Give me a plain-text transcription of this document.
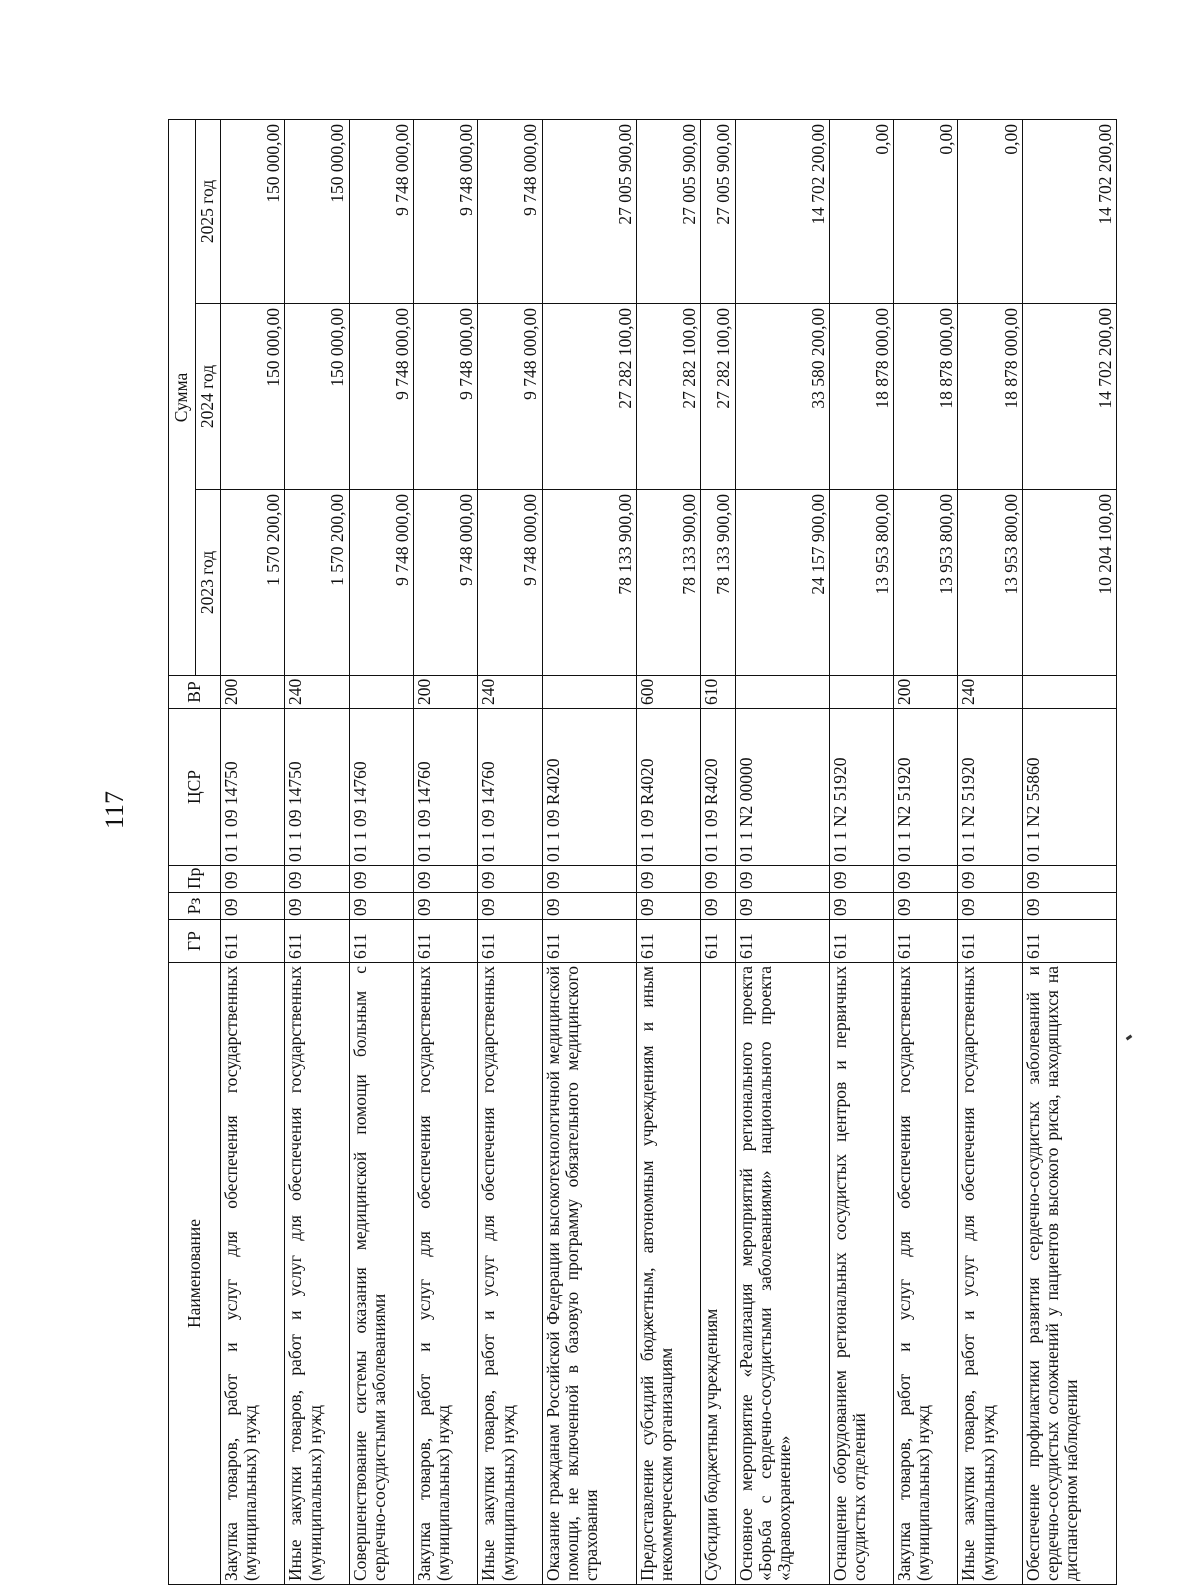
117
Наименование	ГР	Рз	Пр	ЦСР	ВР	Сумма		
						2023 год	2024 год	2025 год
Закупка товаров, работ и услуг для обеспечения государственных (муниципальных) нужд	611	09	09	01 1 09 14750	200	1 570 200,00	150 000,00	150 000,00
Иные закупки товаров, работ и услуг для обеспечения государственных (муниципальных) нужд	611	09	09	01 1 09 14750	240	1 570 200,00	150 000,00	150 000,00
Совершенствование системы оказания медицинской помощи больным с сердечно-сосудистыми заболеваниями	611	09	09	01 1 09 14760		9 748 000,00	9 748 000,00	9 748 000,00
Закупка товаров, работ и услуг для обеспечения государственных (муниципальных) нужд	611	09	09	01 1 09 14760	200	9 748 000,00	9 748 000,00	9 748 000,00
Иные закупки товаров, работ и услуг для обеспечения государственных (муниципальных) нужд	611	09	09	01 1 09 14760	240	9 748 000,00	9 748 000,00	9 748 000,00
Оказание гражданам Российской Федерации высокотехнологичной медицинской помощи, не включенной в базовую программу обязательного медицинского страхования	611	09	09	01 1 09 R4020		78 133 900,00	27 282 100,00	27 005 900,00
Предоставление субсидий бюджетным, автономным учреждениям и иным некоммерческим организациям	611	09	09	01 1 09 R4020	600	78 133 900,00	27 282 100,00	27 005 900,00
Субсидии бюджетным учреждениям	611	09	09	01 1 09 R4020	610	78 133 900,00	27 282 100,00	27 005 900,00
Основное мероприятие «Реализация мероприятий регионального проекта «Борьба с сердечно-сосудистыми заболеваниями» национального проекта «Здравоохранение»	611	09	09	01 1 N2 00000		24 157 900,00	33 580 200,00	14 702 200,00
Оснащение оборудованием региональных сосудистых центров и первичных сосудистых отделений	611	09	09	01 1 N2 51920		13 953 800,00	18 878 000,00	0,00
Закупка товаров, работ и услуг для обеспечения государственных (муниципальных) нужд	611	09	09	01 1 N2 51920	200	13 953 800,00	18 878 000,00	0,00
Иные закупки товаров, работ и услуг для обеспечения государственных (муниципальных) нужд	611	09	09	01 1 N2 51920	240	13 953 800,00	18 878 000,00	0,00
Обеспечение профилактики развития сердечно-сосудистых заболеваний и сердечно-сосудистых осложнений у пациентов высокого риска, находящихся на диспансерном наблюдении	611	09	09	01 1 N2 55860		10 204 100,00	14 702 200,00	14 702 200,00
